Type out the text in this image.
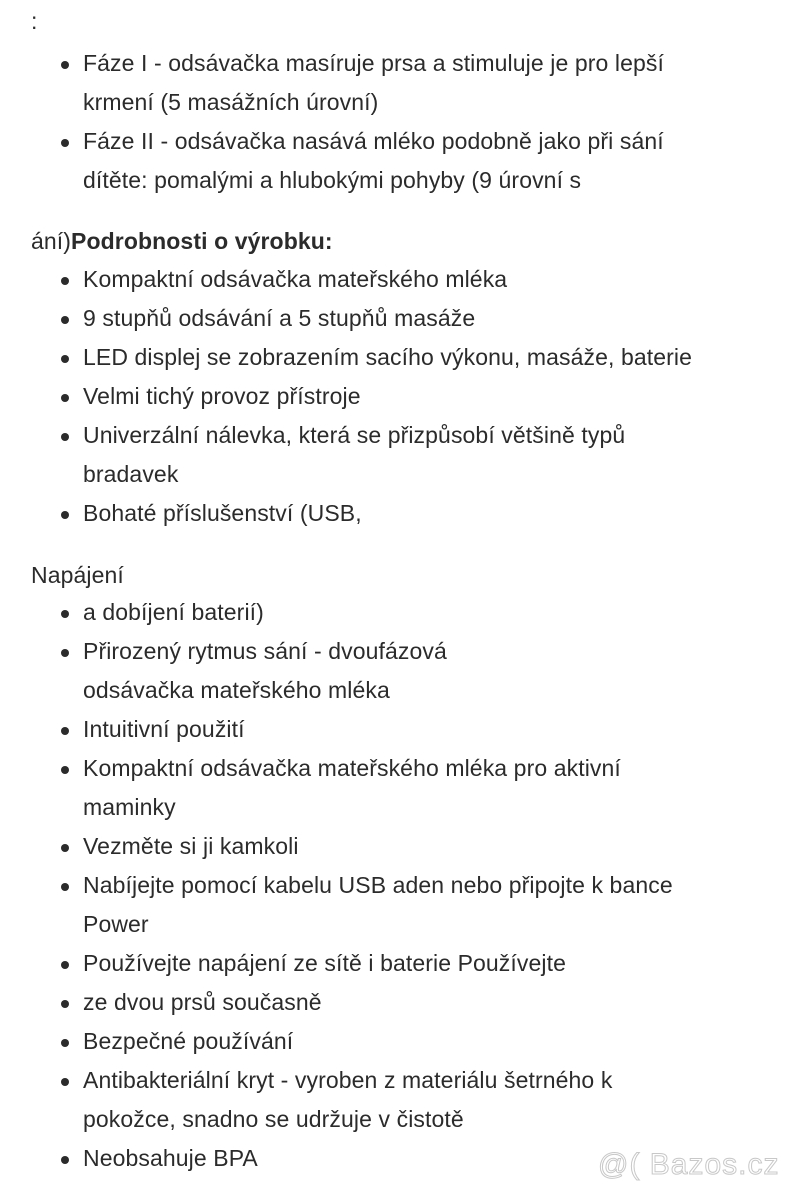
:

Fáze I - odsávačka masíruje prsa a stimuluje je pro lepší
krmení (5 masážních úrovní)
Fáze II - odsávačka nasává mléko podobně jako při sání
dítěte: pomalými a hlubokými pohyby (9 úrovní s

ání)Podrobnosti o výrobku:

Kompaktní odsávačka mateřského mléka
9 stupňů odsávání a 5 stupňů masáže
LED displej se zobrazením sacího výkonu, masáže, baterie
Velmi tichý provoz přístroje
Univerzální nálevka, která se přizpůsobí většině typů
bradavek
Bohaté příslušenství (USB,

Napájení

a dobíjení baterií)
Přirozený rytmus sání - dvoufázová
odsávačka mateřského mléka
Intuitivní použití
Kompaktní odsávačka mateřského mléka pro aktivní
maminky
Vezměte si ji kamkoli
Nabíjejte pomocí kabelu USB aden nebo připojte k bance
Power
Používejte napájení ze sítě i baterie Používejte
ze dvou prsů současně
Bezpečné používání
Antibakteriální kryt - vyroben z materiálu šetrného k
pokožce, snadno se udržuje v čistotě
Neobsahuje BPA	@( Bazos.cz
